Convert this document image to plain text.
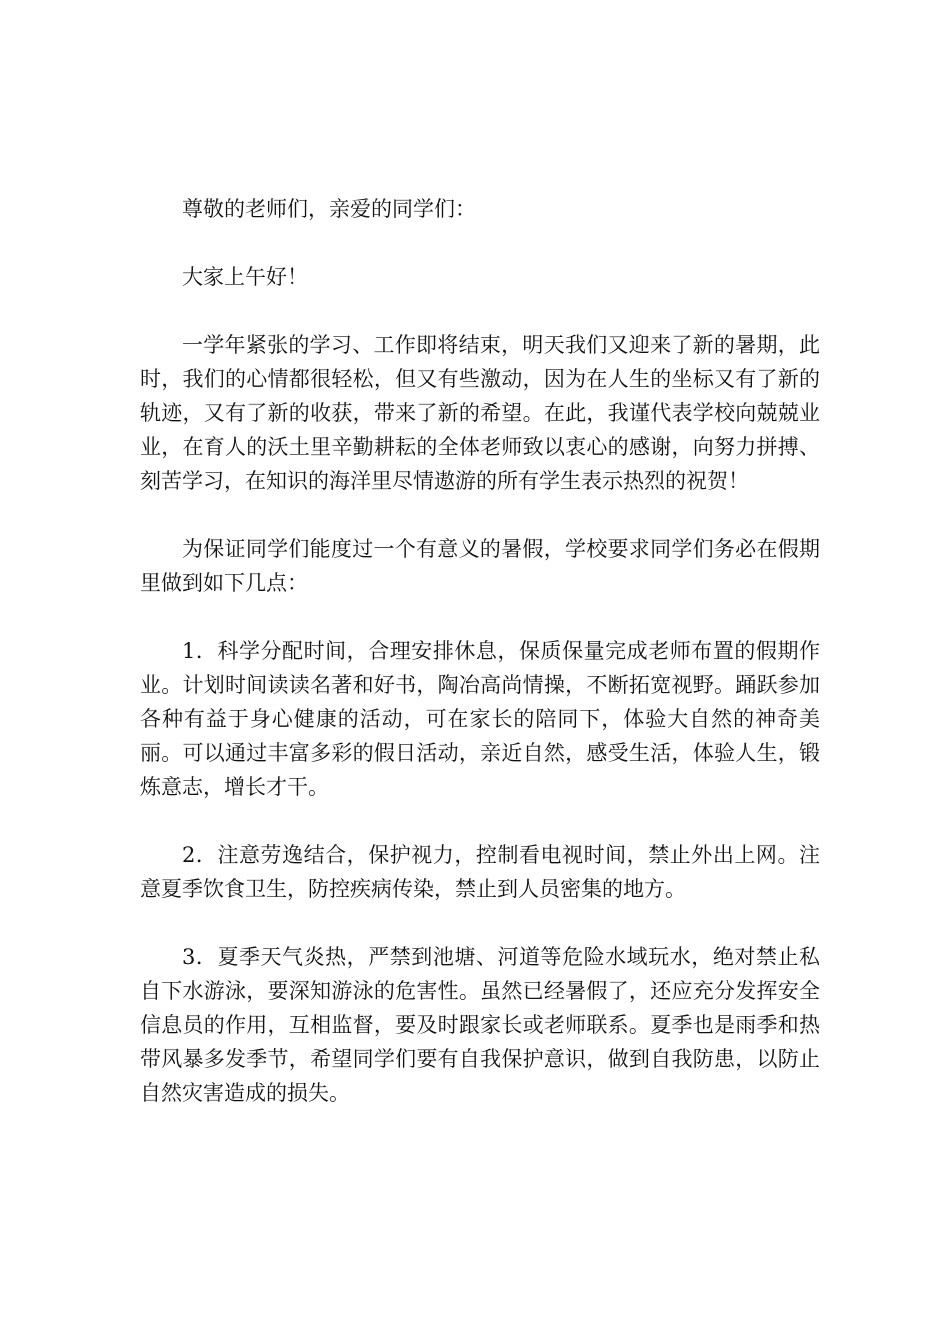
尊敬的老师们，亲爱的同学们：

大家上午好！

一学年紧张的学习、工作即将结束，明天我们又迎来了新的暑期，此时，我们的心情都很轻松，但又有些激动，因为在人生的坐标又有了新的轨迹，又有了新的收获，带来了新的希望。在此，我谨代表学校向兢兢业业，在育人的沃土里辛勤耕耘的全体老师致以衷心的感谢，向努力拼搏、刻苦学习，在知识的海洋里尽情遨游的所有学生表示热烈的祝贺！

为保证同学们能度过一个有意义的暑假，学校要求同学们务必在假期里做到如下几点：

1．科学分配时间，合理安排休息，保质保量完成老师布置的假期作业。计划时间读读名著和好书，陶冶高尚情操，不断拓宽视野。踊跃参加各种有益于身心健康的活动，可在家长的陪同下，体验大自然的神奇美丽。可以通过丰富多彩的假日活动，亲近自然，感受生活，体验人生，锻炼意志，增长才干。

2．注意劳逸结合，保护视力，控制看电视时间，禁止外出上网。注意夏季饮食卫生，防控疾病传染，禁止到人员密集的地方。

3．夏季天气炎热，严禁到池塘、河道等危险水域玩水，绝对禁止私自下水游泳，要深知游泳的危害性。虽然已经暑假了，还应充分发挥安全信息员的作用，互相监督，要及时跟家长或老师联系。夏季也是雨季和热带风暴多发季节，希望同学们要有自我保护意识，做到自我防患，以防止自然灾害造成的损失。
